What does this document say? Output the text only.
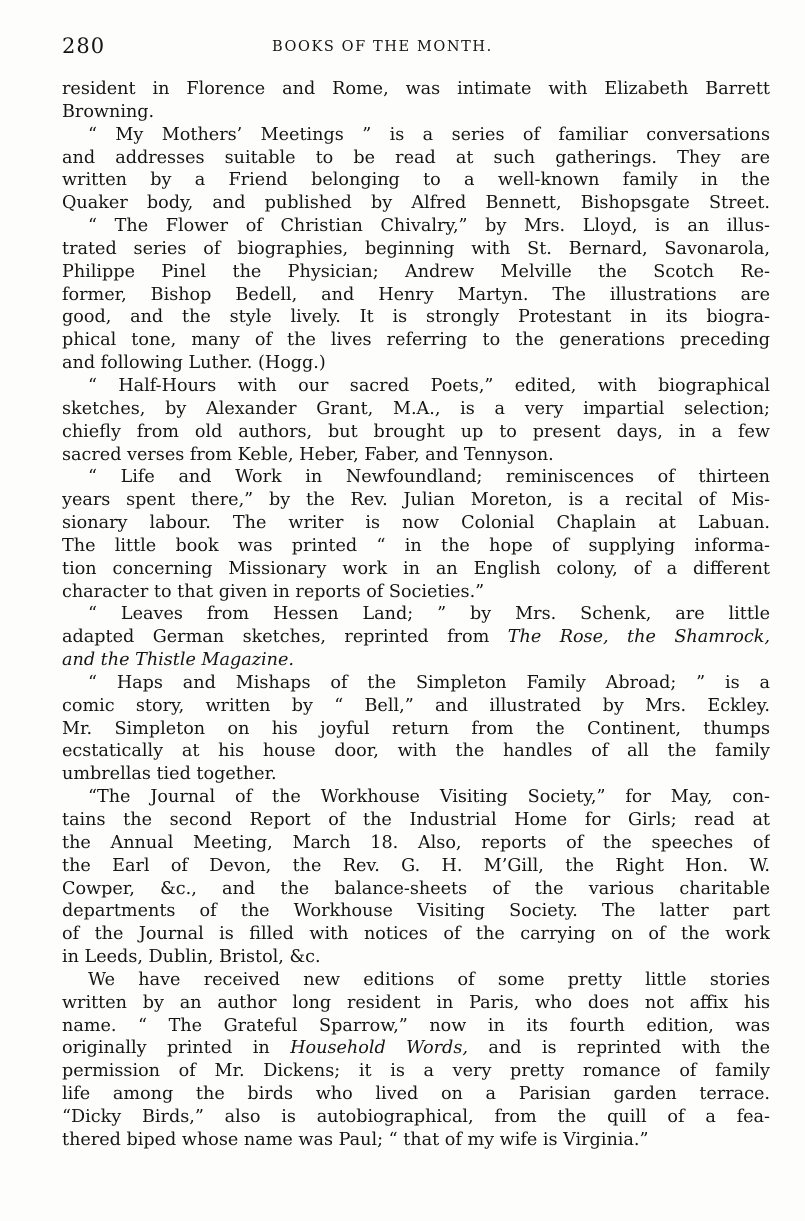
280	BOOKS OF THE MONTH.
resident in Florence and Rome, was intimate with Elizabeth Barrett
Browning.
“ My Mothers’ Meetings ” is a series of familiar conversations
and addresses suitable to be read at such gatherings. They are
written by a Friend belonging to a well-known family in the
Quaker body, and published by Alfred Bennett, Bishopsgate Street.
“ The Flower of Christian Chivalry,” by Mrs. Lloyd, is an illus-
trated series of biographies, beginning with St. Bernard, Savonarola,
Philippe Pinel the Physician; Andrew Melville the Scotch Re-
former, Bishop Bedell, and Henry Martyn. The illustrations are
good, and the style lively. It is strongly Protestant in its biogra-
phical tone, many of the lives referring to the generations preceding
and following Luther. (Hogg.)
“ Half-Hours with our sacred Poets,” edited, with biographical
sketches, by Alexander Grant, M.A., is a very impartial selection;
chiefly from old authors, but brought up to present days, in a few
sacred verses from Keble, Heber, Faber, and Tennyson.
“ Life and Work in Newfoundland; reminiscences of thirteen
years spent there,” by the Rev. Julian Moreton, is a recital of Mis-
sionary labour. The writer is now Colonial Chaplain at Labuan.
The little book was printed “ in the hope of supplying informa-
tion concerning Missionary work in an English colony, of a different
character to that given in reports of Societies.”
“ Leaves from Hessen Land; ” by Mrs. Schenk, are little
adapted German sketches, reprinted from The Rose, the Shamrock,
and the Thistle Magazine.
“ Haps and Mishaps of the Simpleton Family Abroad; ” is a
comic story, written by “ Bell,” and illustrated by Mrs. Eckley.
Mr. Simpleton on his joyful return from the Continent, thumps
ecstatically at his house door, with the handles of all the family
umbrellas tied together.
“The Journal of the Workhouse Visiting Society,” for May, con-
tains the second Report of the Industrial Home for Girls; read at
the Annual Meeting, March 18. Also, reports of the speeches of
the Earl of Devon, the Rev. G. H. M’Gill, the Right Hon. W.
Cowper, &c., and the balance-sheets of the various charitable
departments of the Workhouse Visiting Society. The latter part
of the Journal is filled with notices of the carrying on of the work
in Leeds, Dublin, Bristol, &c.
We have received new editions of some pretty little stories
written by an author long resident in Paris, who does not affix his
name. “ The Grateful Sparrow,” now in its fourth edition, was
originally printed in Household Words, and is reprinted with the
permission of Mr. Dickens; it is a very pretty romance of family
life among the birds who lived on a Parisian garden terrace.
“Dicky Birds,” also is autobiographical, from the quill of a fea-
thered biped whose name was Paul; “ that of my wife is Virginia.”
